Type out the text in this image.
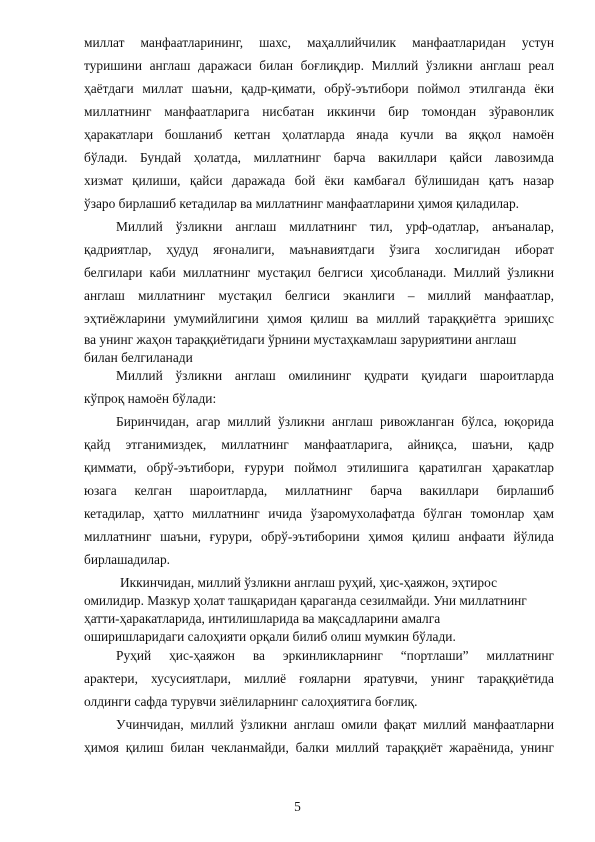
миллат манфаатларининг, шахс, маҳаллийчилик манфаатларидан устун
туришини англаш даражаси билан боғлиқдир. Миллий ўзликни англаш реал
ҳаётдаги миллат шаъни, қадр-қимати, обрў-эътибори поймол этилганда ёки
миллатнинг манфаатларига нисбатан иккинчи бир томондан зўравонлик
ҳаракатлари бошланиб кетган ҳолатларда янада кучли ва яққол намоён
бўлади. Бундай ҳолатда, миллатнинг барча вакиллари қайси лавозимда
хизмат қилиши, қайси даражада бой ёки камбағал бўлишидан қатъ назар
ўзаро бирлашиб кетадилар ва миллатнинг манфаатларини ҳимоя қиладилар.
Миллий ўзликни англаш миллатнинг тил, урф-одатлар, анъаналар,
қадриятлар, ҳудуд яғоналиги, маънавиятдаги ўзига хослигидан иборат
белгилари каби миллатнинг мустақил белгиси ҳисобланади. Миллий ўзликни
англаш миллатнинг мустақил белгиси эканлиги – миллий манфаатлар,
эҳтиёжларини умумийлигини ҳимоя қилиш ва миллий тараққиётга эришиҳс
ва унинг жаҳон тараққиётидаги ўрнини мустаҳкамлаш заруриятини англаш
билан белгиланади
Миллий ўзликни англаш омилининг қудрати қуидаги шароитларда
кўпроқ намоён бўлади:
Биринчидан, агар миллий ўзликни англаш ривожланган бўлса, юқорида
қайд этганимиздек, миллатнинг манфаатларига, айниқса, шаъни, қадр
қиммати, обрў-эътибори, ғурури поймол этилишига қаратилган ҳаракатлар
юзага келган шароитларда, миллатнинг барча вакиллари бирлашиб
кетадилар, ҳатто миллатнинг ичида ўзаромухолафатда бўлган томонлар ҳам
миллатнинг шаъни, ғурури, обрў-эътиборини ҳимоя қилиш анфаати йўлида
бирлашадилар.
Иккинчидан, миллий ўзликни англаш руҳий, ҳис-ҳаяжон, эҳтирос
омилидир. Мазкур ҳолат ташқаридан қараганда сезилмайди. Уни миллатнинг
ҳатти-ҳаракатларида, интилишларида ва мақсадларини амалга
оширишларидаги салоҳияти орқали билиб олиш мумкин бўлади.
Руҳий ҳис-ҳаяжон ва эркинликларнинг “портлаши” миллатнинг
арактери, хусусиятлари, миллиё ғояларни яратувчи, унинг тараққиётида
олдинги сафда турувчи зиёлиларнинг салоҳиятига боғлиқ.
Учинчидан, миллий ўзликни англаш омили фақат миллий манфаатларни
ҳимоя қилиш билан чекланмайди, балки миллий тараққиёт жараёнида, унинг
5
